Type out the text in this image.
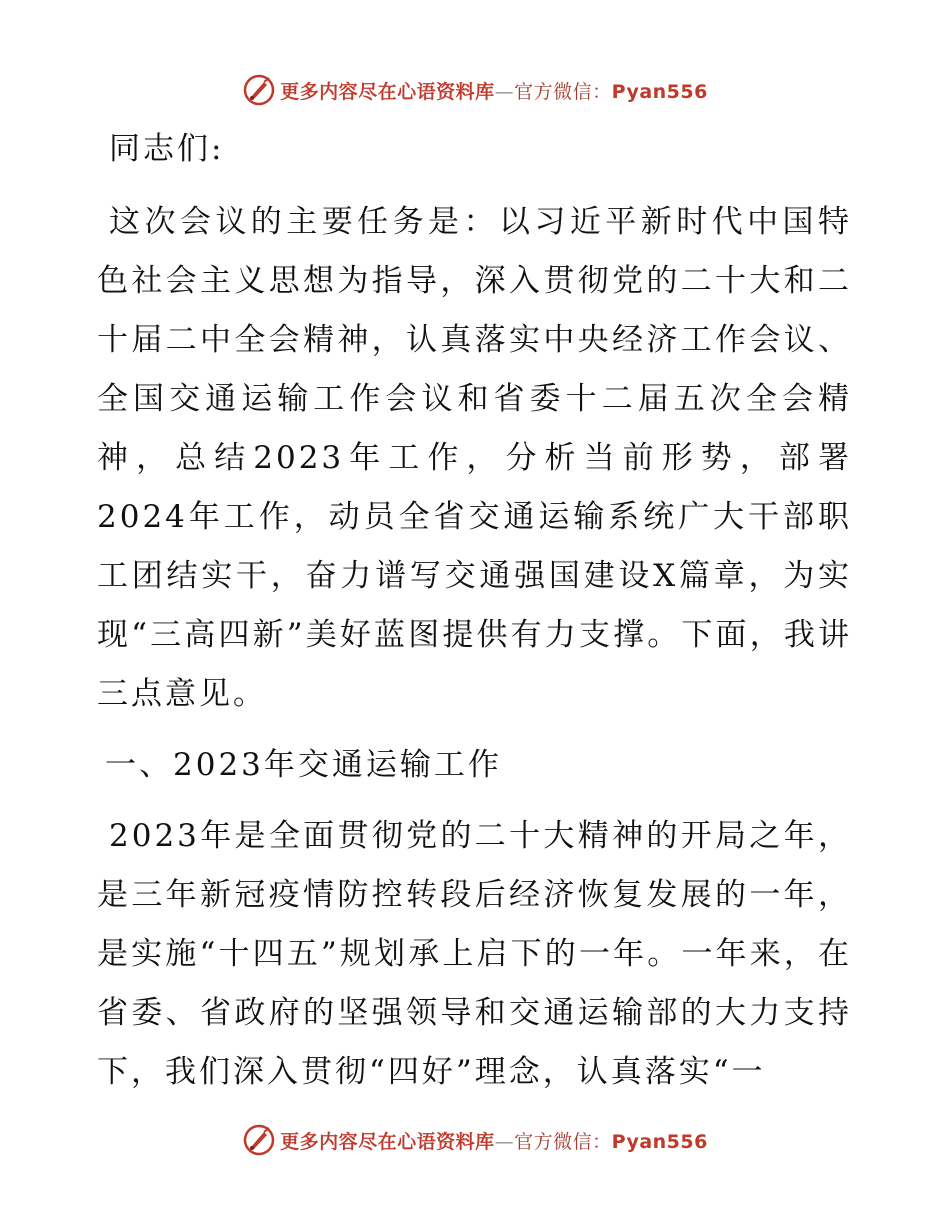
更多内容尽在心语资料库—官方微信：Pyan556

同志们:

这次会议的主要任务是：以习近平新时代中国特色社会主义思想为指导，深入贯彻党的二十大和二十届二中全会精神，认真落实中央经济工作会议、全国交通运输工作会议和省委十二届五次全会精神，总结2023年工作，分析当前形势，部署2024年工作，动员全省交通运输系统广大干部职工团结实干，奋力谱写交通强国建设X篇章，为实现“三高四新”美好蓝图提供有力支撑。下面，我讲三点意见。

一、2023年交通运输工作

2023年是全面贯彻党的二十大精神的开局之年，是三年新冠疫情防控转段后经济恢复发展的一年，是实施“十四五”规划承上启下的一年。一年来，在省委、省政府的坚强领导和交通运输部的大力支持下，我们深入贯彻“四好”理念，认真落实“一

更多内容尽在心语资料库—官方微信：Pyan556
